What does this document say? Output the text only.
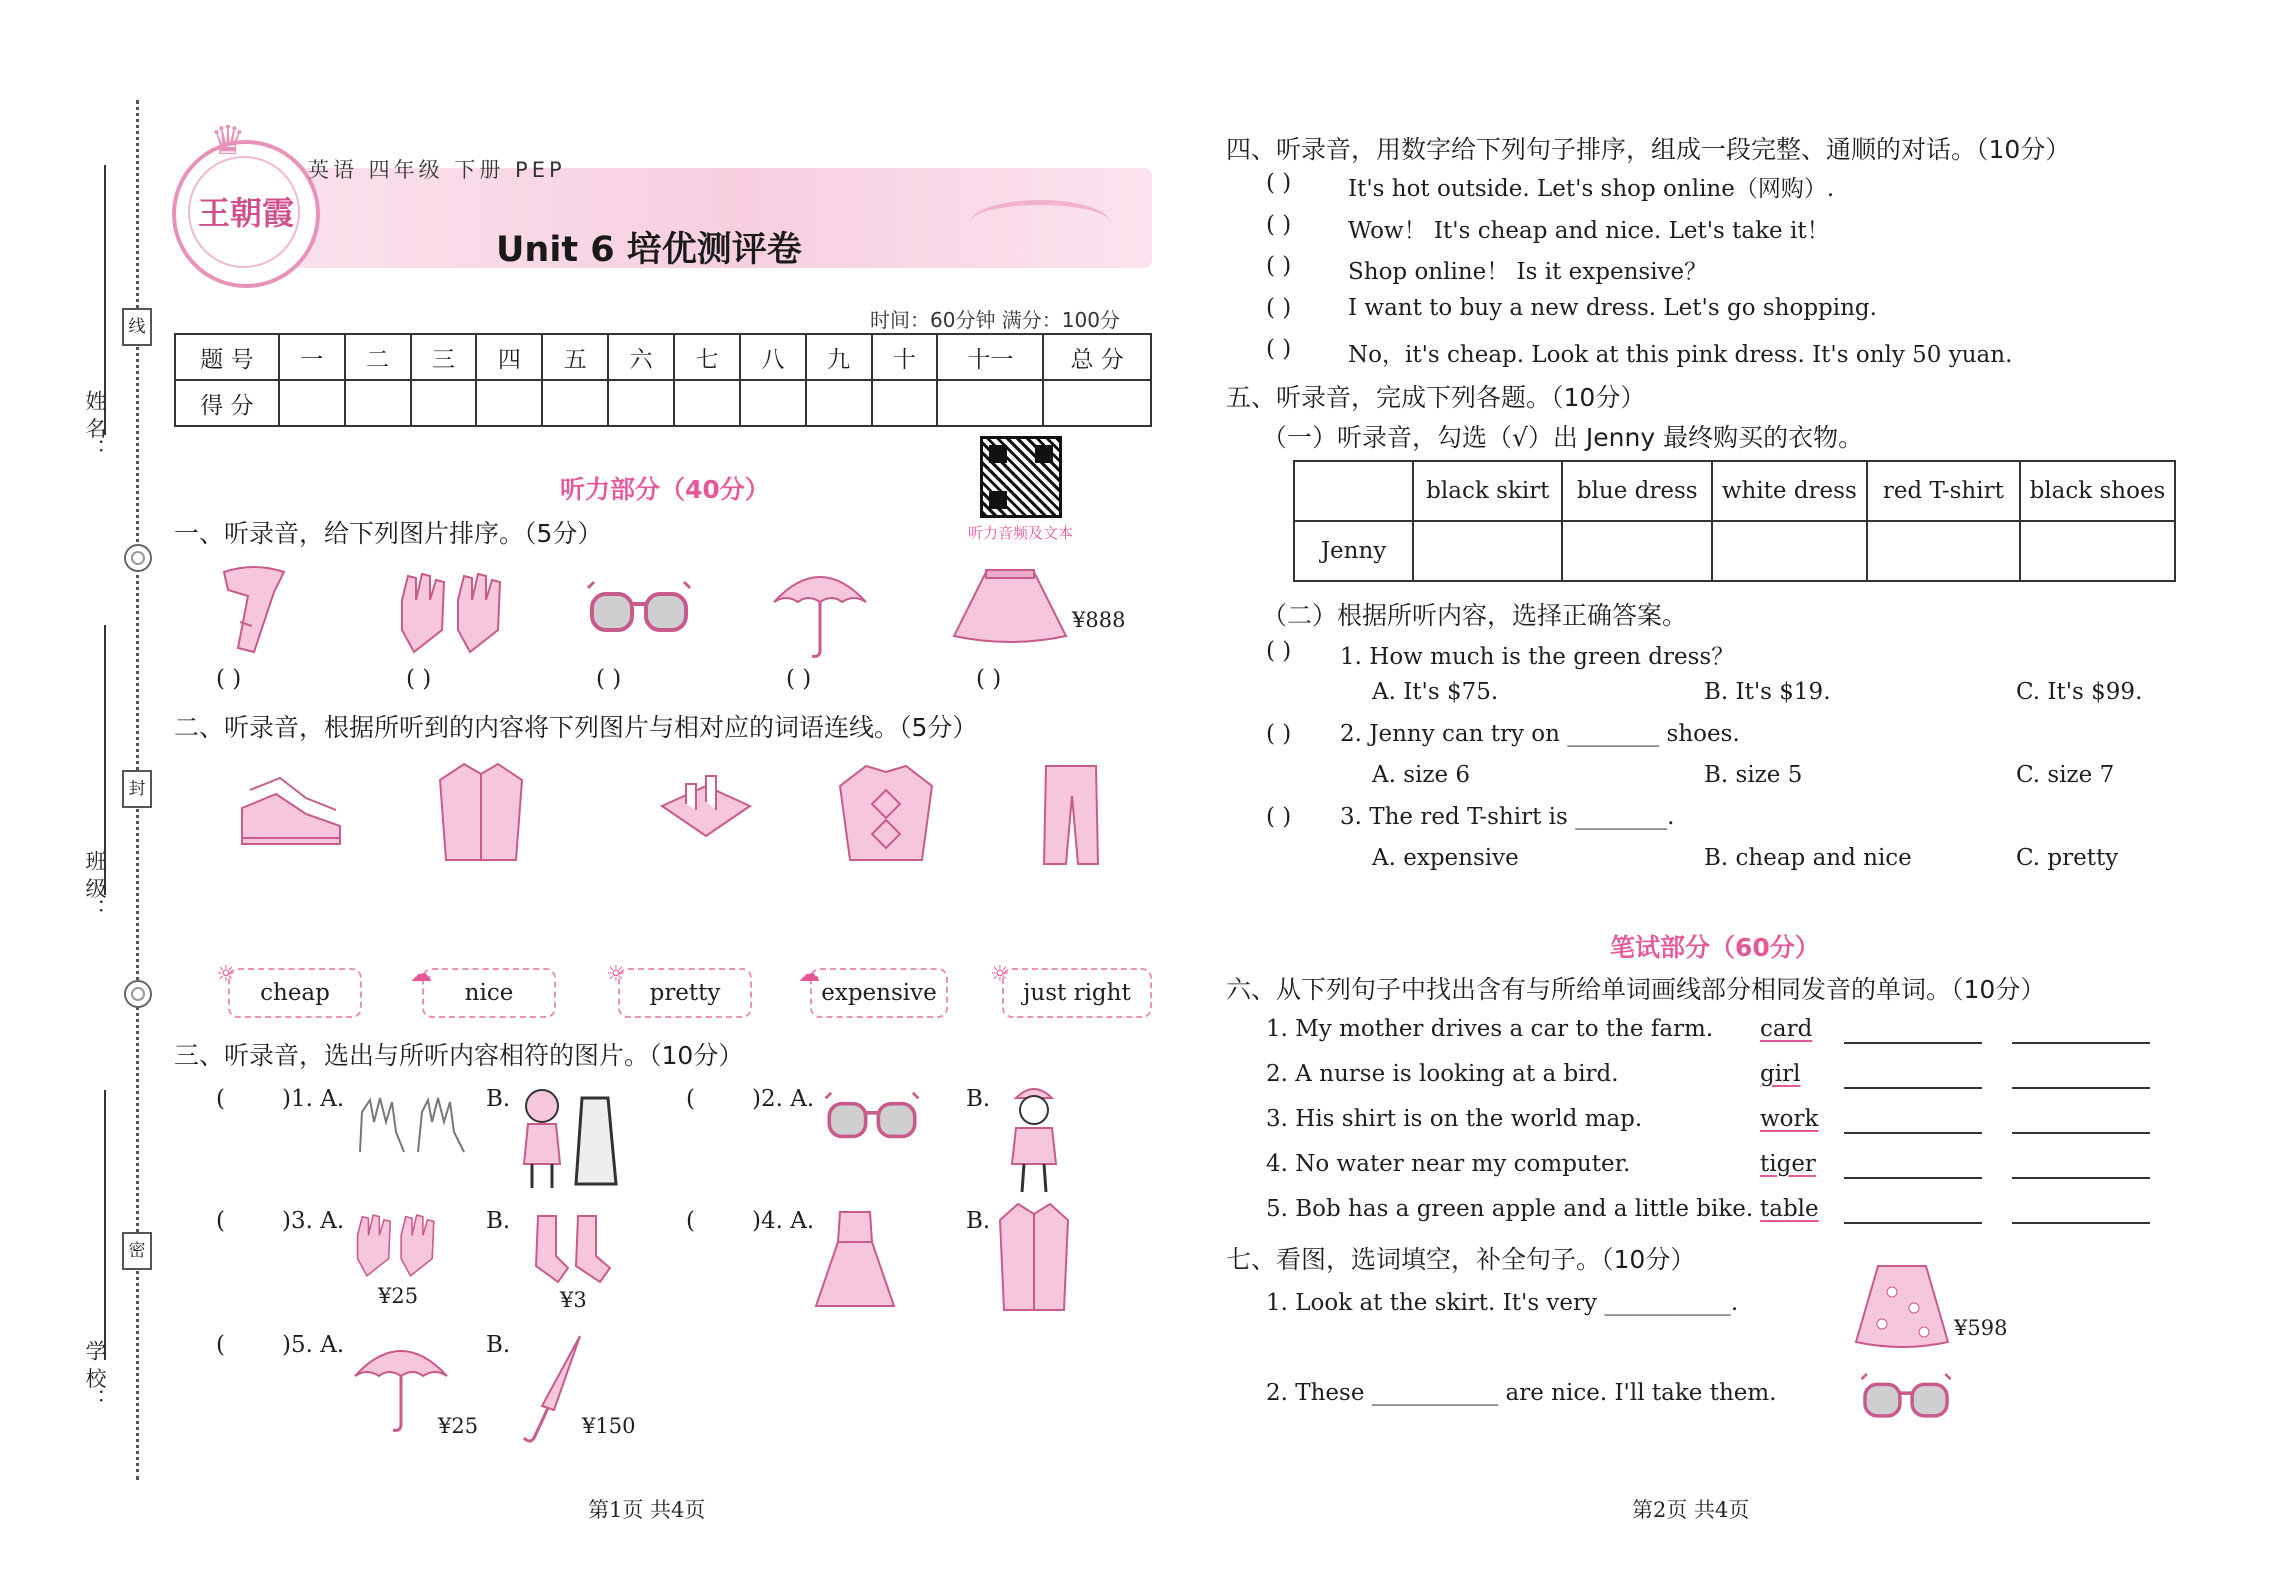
姓 名：
班 级：
学 校：
线
封
密
♛
王朝霞
英语 四年级 下册 PEP
Unit 6 培优测评卷
时间：60分钟 满分：100分
题 号	一	二	三	四	五	六	七	八	九	十	十一	总 分
得 分												
听力部分（40分）
听力音频及文本
一、听录音，给下列图片排序。（5分）
¥888
( )	( )	( )	( )	( )
二、听录音，根据所听到的内容将下列图片与相对应的词语连线。（5分）
☼
cheap
☁
nice
☼
pretty
☁
expensive
☼
just right
三、听录音，选出与所听内容相符的图片。（10分）
( )1. A.	B.	( )2. A.	B.
( )3. A.
¥25
B.
¥3
( )4. A.	B.
( )5. A.
¥25
B.
¥150
四、听录音，用数字给下列句子排序，组成一段完整、通顺的对话。（10分）
( ) It's hot outside. Let's shop online（网购）.
( ) Wow！ It's cheap and nice. Let's take it！
( ) Shop online！ Is it expensive？
( ) I want to buy a new dress. Let's go shopping.
( ) No，it's cheap. Look at this pink dress. It's only 50 yuan.
五、听录音，完成下列各题。（10分）
（一）听录音，勾选（√）出 Jenny 最终购买的衣物。
	black skirt	blue dress	white dress	red T-shirt	black shoes
Jenny					
（二）根据所听内容，选择正确答案。
( ) 1. How much is the green dress？
A. It's $75.	B. It's $19.	C. It's $99.
( ) 2. Jenny can try on ________ shoes.
A. size 6	B. size 5	C. size 7
( ) 3. The red T-shirt is ________.
A. expensive	B. cheap and nice	C. pretty
笔试部分（60分）
六、从下列句子中找出含有与所给单词画线部分相同发音的单词。（10分）
1. My mother drives a car to the farm. card
2. A nurse is looking at a bird.	girl
3. His shirt is on the world map.	work
4. No water near my computer.	tiger
5. Bob has a green apple and a little bike. table
七、看图，选词填空，补全句子。（10分）
1. Look at the skirt. It's very ___________.
¥598
2. These ___________ are nice. I'll take them.
第1页 共4页	第2页 共4页
